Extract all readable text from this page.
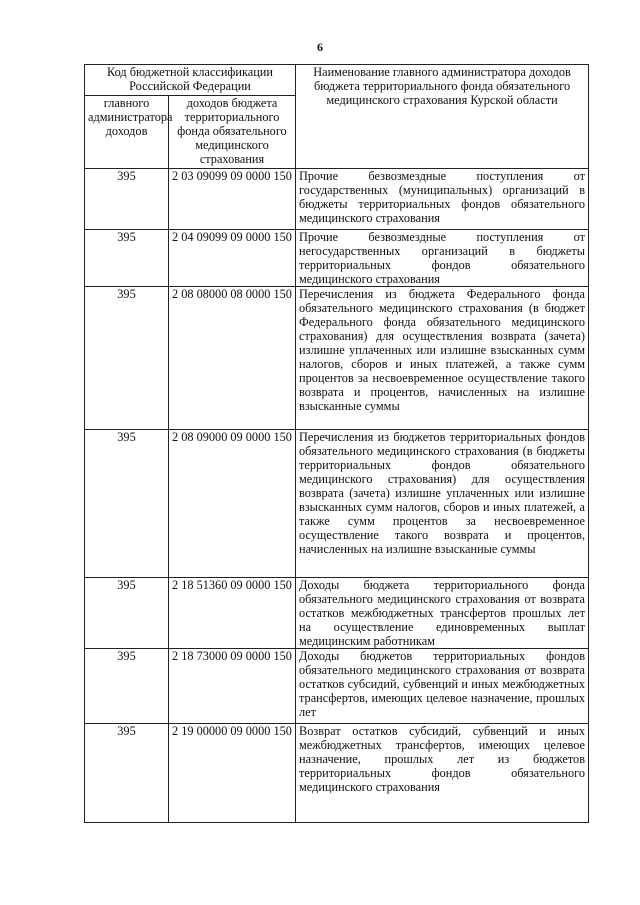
6
Код бюджетной классификации Российской Федерации		Наименование главного администратора доходов бюджета территориального фонда обязательного медицинского страхования Курской области
главного администратора доходов	доходов бюджета территориального фонда обязательного медицинского страхования	
395	2 03 09099 09 0000 150	Прочие безвозмездные поступления от государственных (муниципальных) организаций в бюджеты территориальных фондов обязательного медицинского страхования
395	2 04 09099 09 0000 150	Прочие безвозмездные поступления от негосударственных организаций в бюджеты территориальных фондов обязательного медицинского страхования
395	2 08 08000 08 0000 150	Перечисления из бюджета Федерального фонда обязательного медицинского страхования (в бюджет Федерального фонда обязательного медицинского страхования) для осуществления возврата (зачета) излишне уплаченных или излишне взысканных сумм налогов, сборов и иных платежей, а также сумм процентов за несвоевременное осуществление такого возврата и процентов, начисленных на излишне взысканные суммы
395	2 08 09000 09 0000 150	Перечисления из бюджетов территориальных фондов обязательного медицинского страхования (в бюджеты территориальных фондов обязательного медицинского страхования) для осуществления возврата (зачета) излишне уплаченных или излишне взысканных сумм налогов, сборов и иных платежей, а также сумм процентов за несвоевременное осуществление такого возврата и процентов, начисленных на излишне взысканные суммы
395	2 18 51360 09 0000 150	Доходы бюджета территориального фонда обязательного медицинского страхования от возврата остатков межбюджетных трансфертов прошлых лет на осуществление единовременных выплат медицинским работникам
395	2 18 73000 09 0000 150	Доходы бюджетов территориальных фондов обязательного медицинского страхования от возврата остатков субсидий, субвенций и иных межбюджетных трансфертов, имеющих целевое назначение, прошлых лет
395	2 19 00000 09 0000 150	Возврат остатков субсидий, субвенций и иных межбюджетных трансфертов, имеющих целевое назначение, прошлых лет из бюджетов территориальных фондов обязательного медицинского страхования
